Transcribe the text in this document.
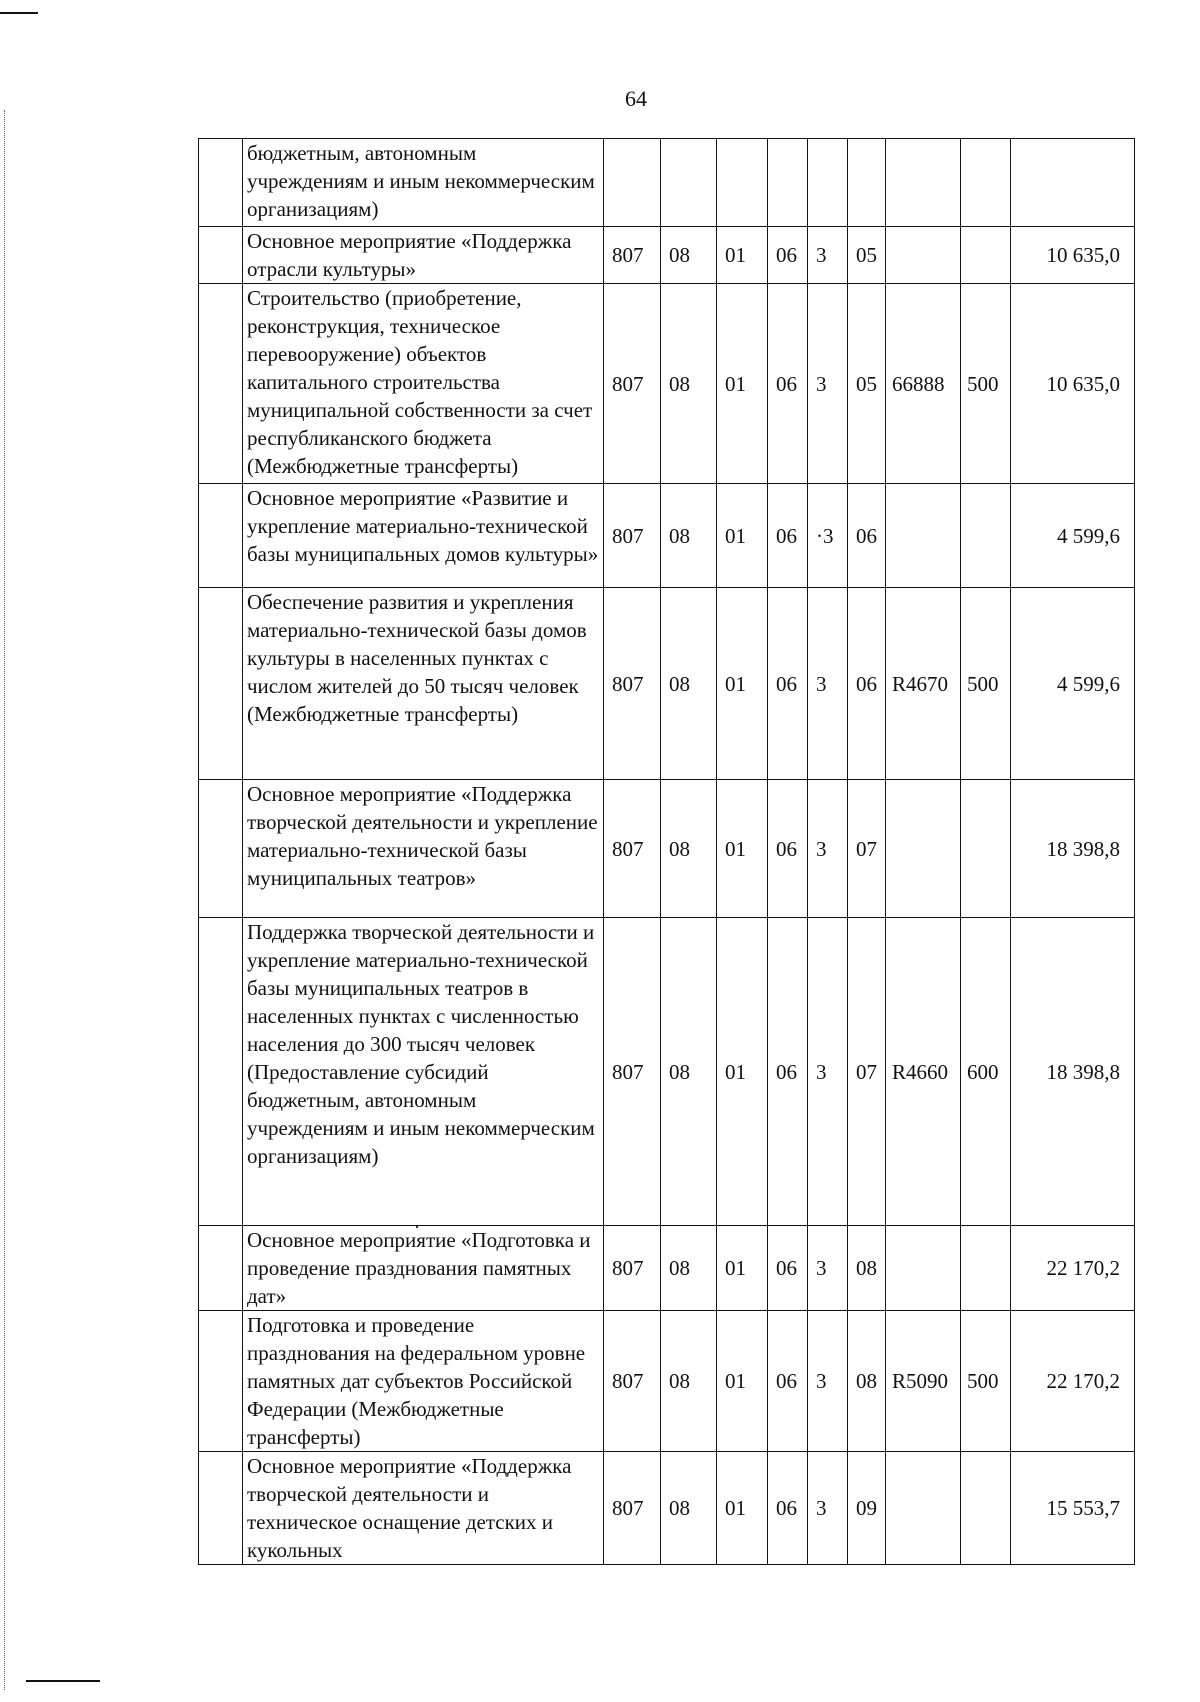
64
	бюджетным, автономным учреждениям и иным некоммерческим организациям)									
	Основное мероприятие «Поддержка отрасли культуры»	807	08	01	06	3	05			10 635,0
	Строительство (приобретение, реконструкция, техническое перевооружение) объектов капитального строительства муниципальной собственности за счет республиканского бюджета (Межбюджетные трансферты)	807	08	01	06	3	05	66888	500	10 635,0
	Основное мероприятие «Развитие и укрепление материально-технической базы муниципальных домов культуры»	807	08	01	06	·3	06			4 599,6
	Обеспечение развития и укрепления материально-технической базы домов культуры в населенных пунктах с числом жителей до 50 тысяч человек (Межбюджетные трансферты)	807	08	01	06	3	06	R4670	500	4 599,6
	Основное мероприятие «Поддержка творческой деятельности и укрепление материально-технической базы муниципальных театров»	807	08	01	06	3	07			18 398,8
	Поддержка творческой деятельности и укрепление материально-технической базы муниципальных театров в населенных пунктах с численностью населения до 300 тысяч человек (Предоставление субсидий бюджетным, автономным учреждениям и иным некоммерческим организациям)	807	08	01	06	3	07	R4660	600	18 398,8
	Основное мероприятие «Подготовка и проведение празднования памятных дат»	807	08	01	06	3	08			22 170,2
	Подготовка и проведение празднования на федеральном уровне памятных дат субъектов Российской Федерации (Межбюджетные трансферты)	807	08	01	06	3	08	R5090	500	22 170,2
	Основное мероприятие «Поддержка творческой деятельности и техническое оснащение детских и кукольных	807	08	01	06	3	09			15 553,7
